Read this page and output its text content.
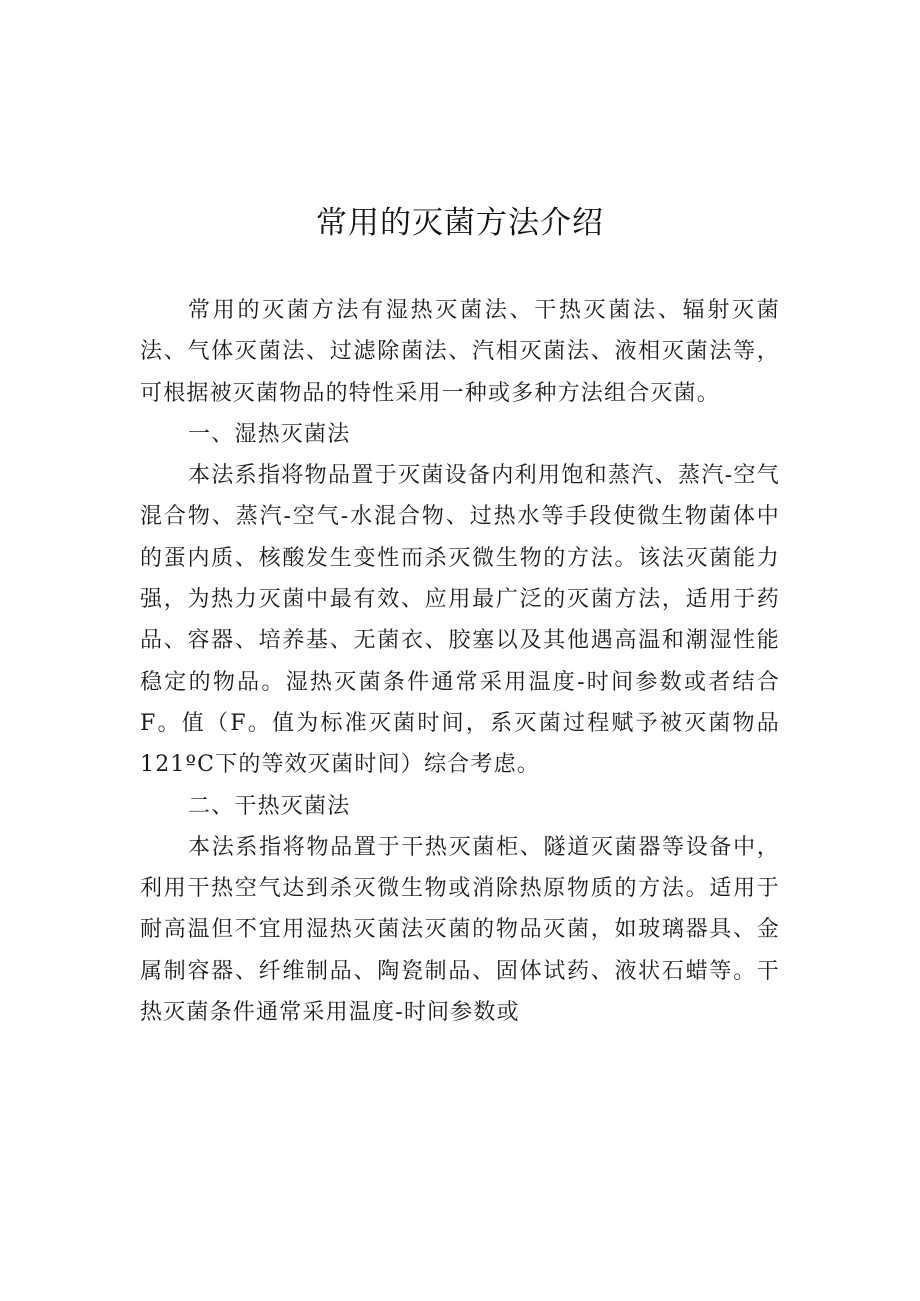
常用的灭菌方法介绍

常用的灭菌方法有湿热灭菌法、干热灭菌法、辐射灭菌法、气体灭菌法、过滤除菌法、汽相灭菌法、液相灭菌法等，可根据被灭菌物品的特性采用一种或多种方法组合灭菌。

一、湿热灭菌法

本法系指将物品置于灭菌设备内利用饱和蒸汽、蒸汽-空气混合物、蒸汽-空气-水混合物、过热水等手段使微生物菌体中的蛋内质、核酸发生变性而杀灭微生物的方法。该法灭菌能力强，为热力灭菌中最有效、应用最广泛的灭菌方法，适用于药品、容器、培养基、无菌衣、胶塞以及其他遇高温和潮湿性能稳定的物品。湿热灭菌条件通常采用温度-时间参数或者结合F。值（F。值为标准灭菌时间，系灭菌过程赋予被灭菌物品121ºC下的等效灭菌时间）综合考虑。

二、干热灭菌法

本法系指将物品置于干热灭菌柜、隧道灭菌器等设备中，利用干热空气达到杀灭微生物或消除热原物质的方法。适用于耐高温但不宜用湿热灭菌法灭菌的物品灭菌，如玻璃器具、金属制容器、纤维制品、陶瓷制品、固体试药、液状石蜡等。干热灭菌条件通常采用温度-时间参数或
